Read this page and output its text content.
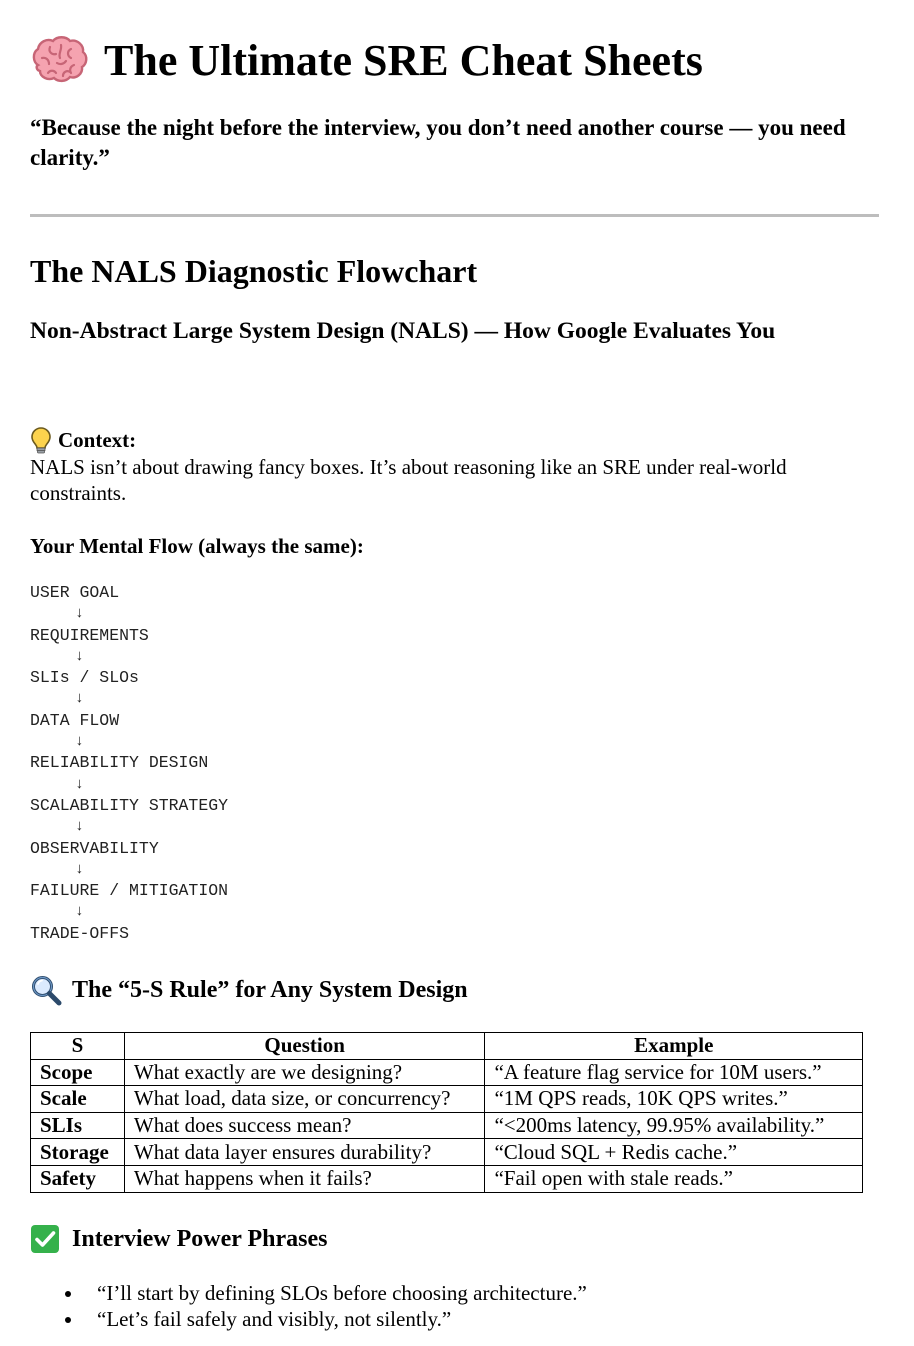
The Ultimate SRE Cheat Sheets
“Because the night before the interview, you don’t need another course — you need clarity.”
The NALS Diagnostic Flowchart
Non-Abstract Large System Design (NALS) — How Google Evaluates You
Context:
NALS isn’t about drawing fancy boxes. It’s about reasoning like an SRE under real-world constraints.
Your Mental Flow (always the same):
USER GOAL
↓
REQUIREMENTS
↓
SLIs / SLOs
↓
DATA FLOW
↓
RELIABILITY DESIGN
↓
SCALABILITY STRATEGY
↓
OBSERVABILITY
↓
FAILURE / MITIGATION
↓
TRADE-OFFS
The “5-S Rule” for Any System Design
S	Question	Example
Scope	What exactly are we designing?	“A feature flag service for 10M users.”
Scale	What load, data size, or concurrency?	“1M QPS reads, 10K QPS writes.”
SLIs	What does success mean?	“<200ms latency, 99.95% availability.”
Storage	What data layer ensures durability?	“Cloud SQL + Redis cache.”
Safety	What happens when it fails?	“Fail open with stale reads.”
Interview Power Phrases
“I’ll start by defining SLOs before choosing architecture.”
“Let’s fail safely and visibly, not silently.”
